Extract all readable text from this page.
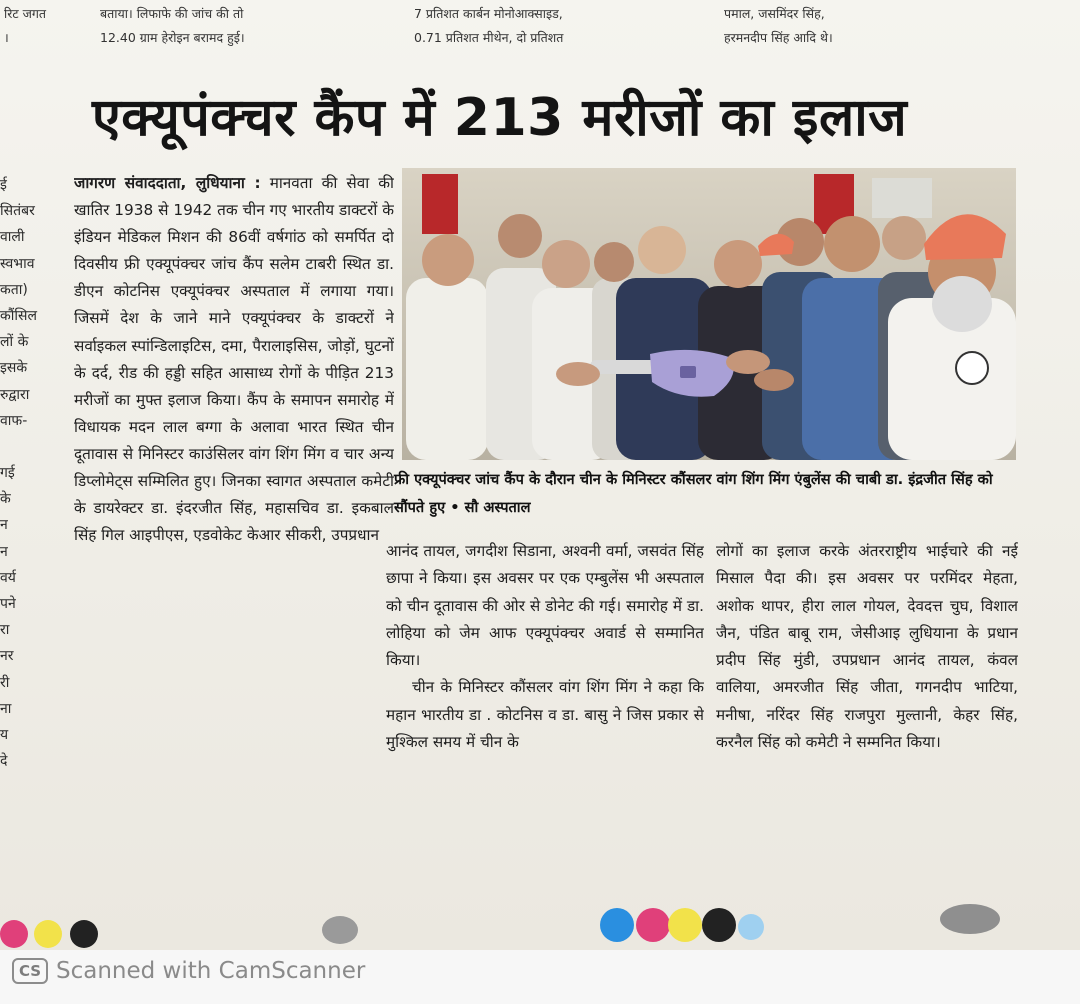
रिट जगत
।
बताया। लिफाफे की जांच की तो
12.40 ग्राम हेरोइन बरामद हुई।
7 प्रतिशत कार्बन मोनोआक्साइड,
0.71 प्रतिशत मीथेन, दो प्रतिशत
पमाल, जसमिंदर सिंह,
हरमनदीप सिंह आदि थे।
एक्यूपंक्चर कैंप में 213 मरीजों का इलाज
ई
सितंबर
वाली
स्वभाव
कता)
कौंसिल
लों के
इसके
रुद्वारा
वाफ-

गई
के
न
न
वर्य
पने
रा
नर
री
ना
य
दे
जागरण संवाददाता, लुधियाना : मानवता की सेवा की खातिर 1938 से 1942 तक चीन गए भारतीय डाक्टरों के इंडियन मेडिकल मिशन की 86वीं वर्षगांठ को समर्पित दो दिवसीय फ्री एक्यूपंक्चर जांच कैंप सलेम टाबरी स्थित डा. डीएन कोटनिस एक्यूपंक्चर अस्पताल में लगाया गया। जिसमें देश के जाने माने एक्यूपंक्चर के डाक्टरों ने सर्वाइकल स्पांन्डिलाइटिस, दमा, पैरालाइसिस, जोड़ों, घुटनों के दर्द, रीड की हड्डी सहित आसाध्य रोगों के पीड़ित 213 मरीजों का मुफ्त इलाज किया। कैंप के समापन समारोह में विधायक मदन लाल बग्गा के अलावा भारत स्थित चीन दूतावास से मिनिस्टर काउंसिलर वांग शिंग मिंग व चार अन्य डिप्लोमेट्स सम्मिलित हुए। जिनका स्वागत अस्पताल कमेटी के डायरेक्टर डा. इंदरजीत सिंह, महासचिव डा. इकबाल सिंह गिल आइपीएस, एडवोकेट केआर सीकरी, उपप्रधान
फ्री एक्यूपंक्चर जांच कैंप के दौरान चीन के मिनिस्टर कौंसलर वांग शिंग मिंग एंबुलेंस की चाबी डा. इंद्रजीत सिंह को सौंपते हुए • सौ अस्पताल
आनंद तायल, जगदीश सिडाना, अश्वनी वर्मा, जसवंत सिंह छापा ने किया। इस अवसर पर एक एम्बुलेंस भी अस्पताल को चीन दूतावास की ओर से डोनेट की गई। समारोह में डा. लोहिया को जेम आफ एक्यूपंक्चर अवार्ड से सम्मानित किया।
चीन के मिनिस्टर कौंसलर वांग शिंग मिंग ने कहा कि महान भारतीय डा . कोटनिस व डा. बासु ने जिस प्रकार से मुश्किल समय में चीन के
लोगों का इलाज करके अंतरराष्ट्रीय भाईचारे की नई मिसाल पैदा की। इस अवसर पर परमिंदर मेहता, अशोक थापर, हीरा लाल गोयल, देवदत्त चुघ, विशाल जैन, पंडित बाबू राम, जेसीआइ लुधियाना के प्रधान प्रदीप सिंह मुंडी, उपप्रधान आनंद तायल, कंवल वालिया, अमरजीत सिंह जीता, गगनदीप भाटिया, मनीषा, नरिंदर सिंह राजपुरा मुल्तानी, केहर सिंह, करनैल सिंह को कमेटी ने सम्मनित किया।
CS Scanned with CamScanner
